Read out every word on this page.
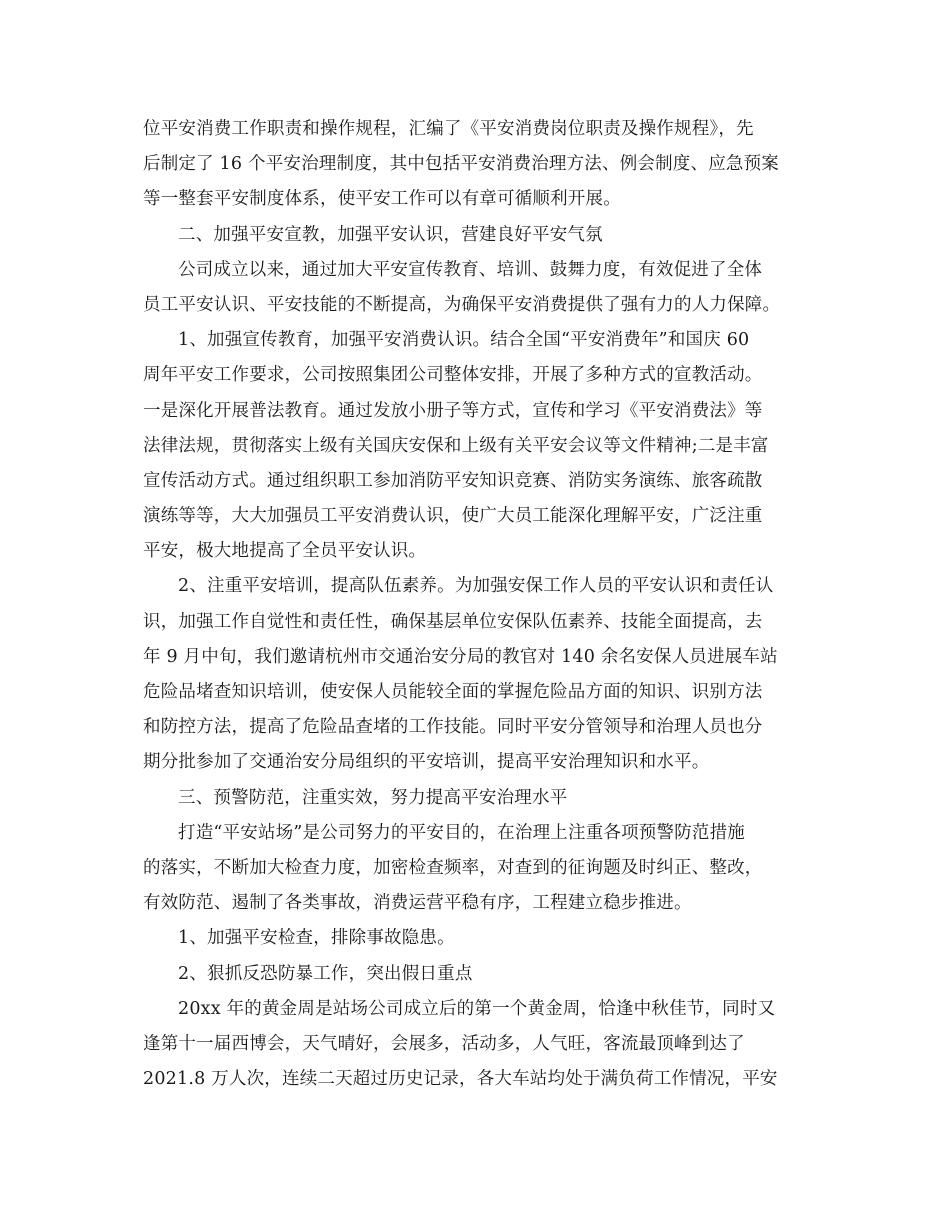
位平安消费工作职责和操作规程，汇编了《平安消费岗位职责及操作规程》，先
后制定了 16 个平安治理制度，其中包括平安消费治理方法、例会制度、应急预案
等一整套平安制度体系，使平安工作可以有章可循顺利开展。
二、加强平安宣教，加强平安认识，营建良好平安气氛
公司成立以来，通过加大平安宣传教育、培训、鼓舞力度，有效促进了全体
员工平安认识、平安技能的不断提高，为确保平安消费提供了强有力的人力保障。
1、加强宣传教育，加强平安消费认识。结合全国“平安消费年”和国庆 60
周年平安工作要求，公司按照集团公司整体安排，开展了多种方式的宣教活动。
一是深化开展普法教育。通过发放小册子等方式，宣传和学习《平安消费法》等
法律法规，贯彻落实上级有关国庆安保和上级有关平安会议等文件精神;二是丰富
宣传活动方式。通过组织职工参加消防平安知识竞赛、消防实务演练、旅客疏散
演练等等，大大加强员工平安消费认识，使广大员工能深化理解平安，广泛注重
平安，极大地提高了全员平安认识。
2、注重平安培训，提高队伍素养。为加强安保工作人员的平安认识和责任认
识，加强工作自觉性和责任性，确保基层单位安保队伍素养、技能全面提高，去
年 9 月中旬，我们邀请杭州市交通治安分局的教官对 140 余名安保人员进展车站
危险品堵查知识培训，使安保人员能较全面的掌握危险品方面的知识、识别方法
和防控方法，提高了危险品查堵的工作技能。同时平安分管领导和治理人员也分
期分批参加了交通治安分局组织的平安培训，提高平安治理知识和水平。
三、预警防范，注重实效，努力提高平安治理水平
打造“平安站场”是公司努力的平安目的，在治理上注重各项预警防范措施
的落实，不断加大检查力度，加密检查频率，对查到的征询题及时纠正、整改，
有效防范、遏制了各类事故，消费运营平稳有序，工程建立稳步推进。
1、加强平安检查，排除事故隐患。
2、狠抓反恐防暴工作，突出假日重点
20xx 年的黄金周是站场公司成立后的第一个黄金周，恰逢中秋佳节，同时又
逢第十一届西博会，天气晴好，会展多，活动多，人气旺，客流最顶峰到达了
2021.8 万人次，连续二天超过历史记录，各大车站均处于满负荷工作情况，平安
